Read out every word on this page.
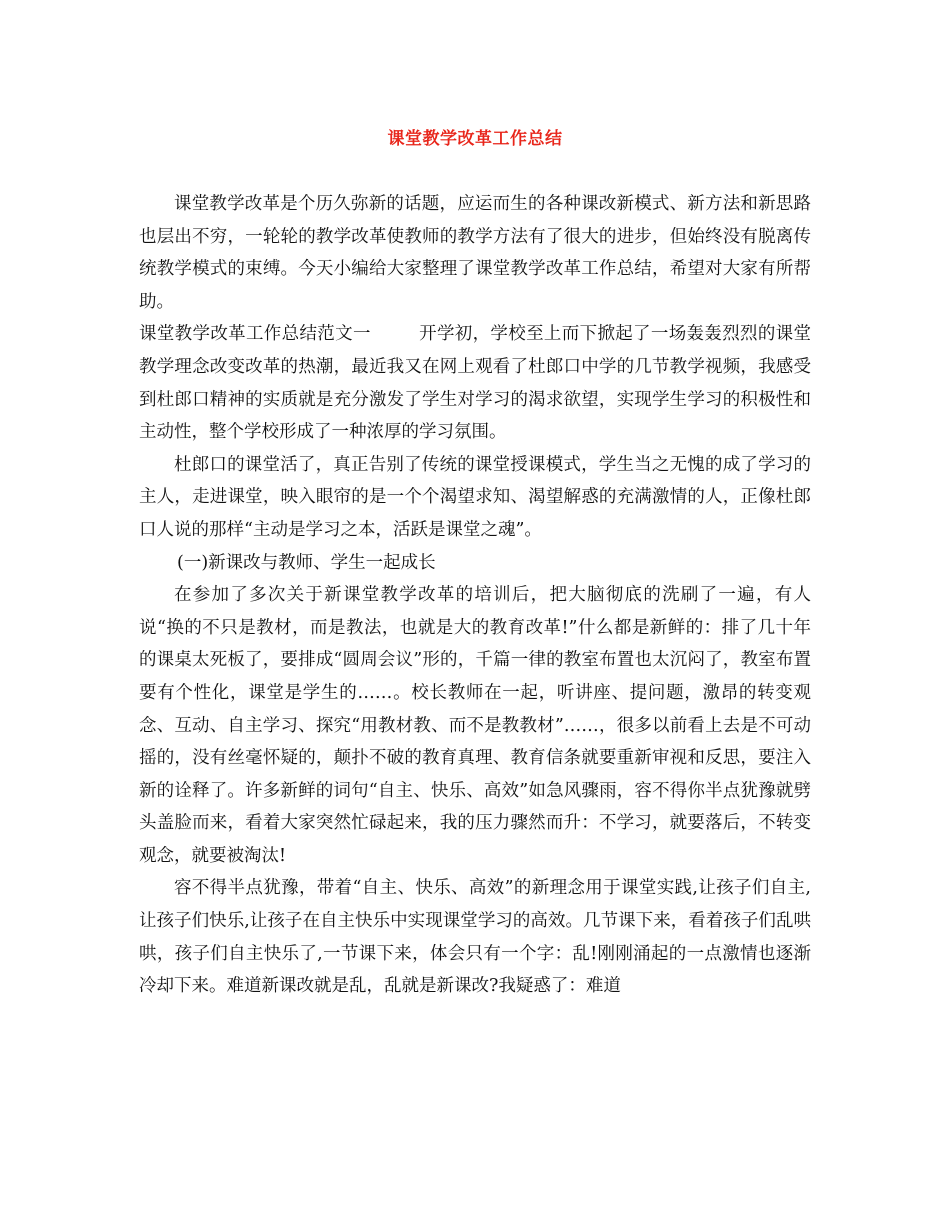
课堂教学改革工作总结

课堂教学改革是个历久弥新的话题，应运而生的各种课改新模式、新方法和新思路也层出不穷，一轮轮的教学改革使教师的教学方法有了很大的进步，但始终没有脱离传统教学模式的束缚。今天小编给大家整理了课堂教学改革工作总结，希望对大家有所帮助。

课堂教学改革工作总结范文一	开学初，学校至上而下掀起了一场轰轰烈烈的课堂教学理念改变改革的热潮，最近我又在网上观看了杜郎口中学的几节教学视频，我感受到杜郎口精神的实质就是充分激发了学生对学习的渴求欲望，实现学生学习的积极性和主动性，整个学校形成了一种浓厚的学习氛围。

杜郎口的课堂活了，真正告别了传统的课堂授课模式，学生当之无愧的成了学习的主人，走进课堂，映入眼帘的是一个个渴望求知、渴望解惑的充满激情的人，正像杜郎口人说的那样“主动是学习之本，活跃是课堂之魂”。

(一)新课改与教师、学生一起成长

在参加了多次关于新课堂教学改革的培训后，把大脑彻底的洗刷了一遍，有人说“换的不只是教材，而是教法，也就是大的教育改革!”什么都是新鲜的：排了几十年的课桌太死板了，要排成“圆周会议”形的，千篇一律的教室布置也太沉闷了，教室布置要有个性化，课堂是学生的……。校长教师在一起，听讲座、提问题，激昂的转变观念、互动、自主学习、探究“用教材教、而不是教教材”……，很多以前看上去是不可动摇的，没有丝毫怀疑的，颠扑不破的教育真理、教育信条就要重新审视和反思，要注入新的诠释了。许多新鲜的词句“自主、快乐、高效”如急风骤雨，容不得你半点犹豫就劈头盖脸而来，看着大家突然忙碌起来，我的压力骤然而升：不学习，就要落后，不转变观念，就要被淘汰!

容不得半点犹豫，带着“自主、快乐、高效”的新理念用于课堂实践,让孩子们自主,让孩子们快乐,让孩子在自主快乐中实现课堂学习的高效。几节课下来，看着孩子们乱哄哄，孩子们自主快乐了,一节课下来，体会只有一个字：乱!刚刚涌起的一点激情也逐渐冷却下来。难道新课改就是乱，乱就是新课改?我疑惑了：难道
